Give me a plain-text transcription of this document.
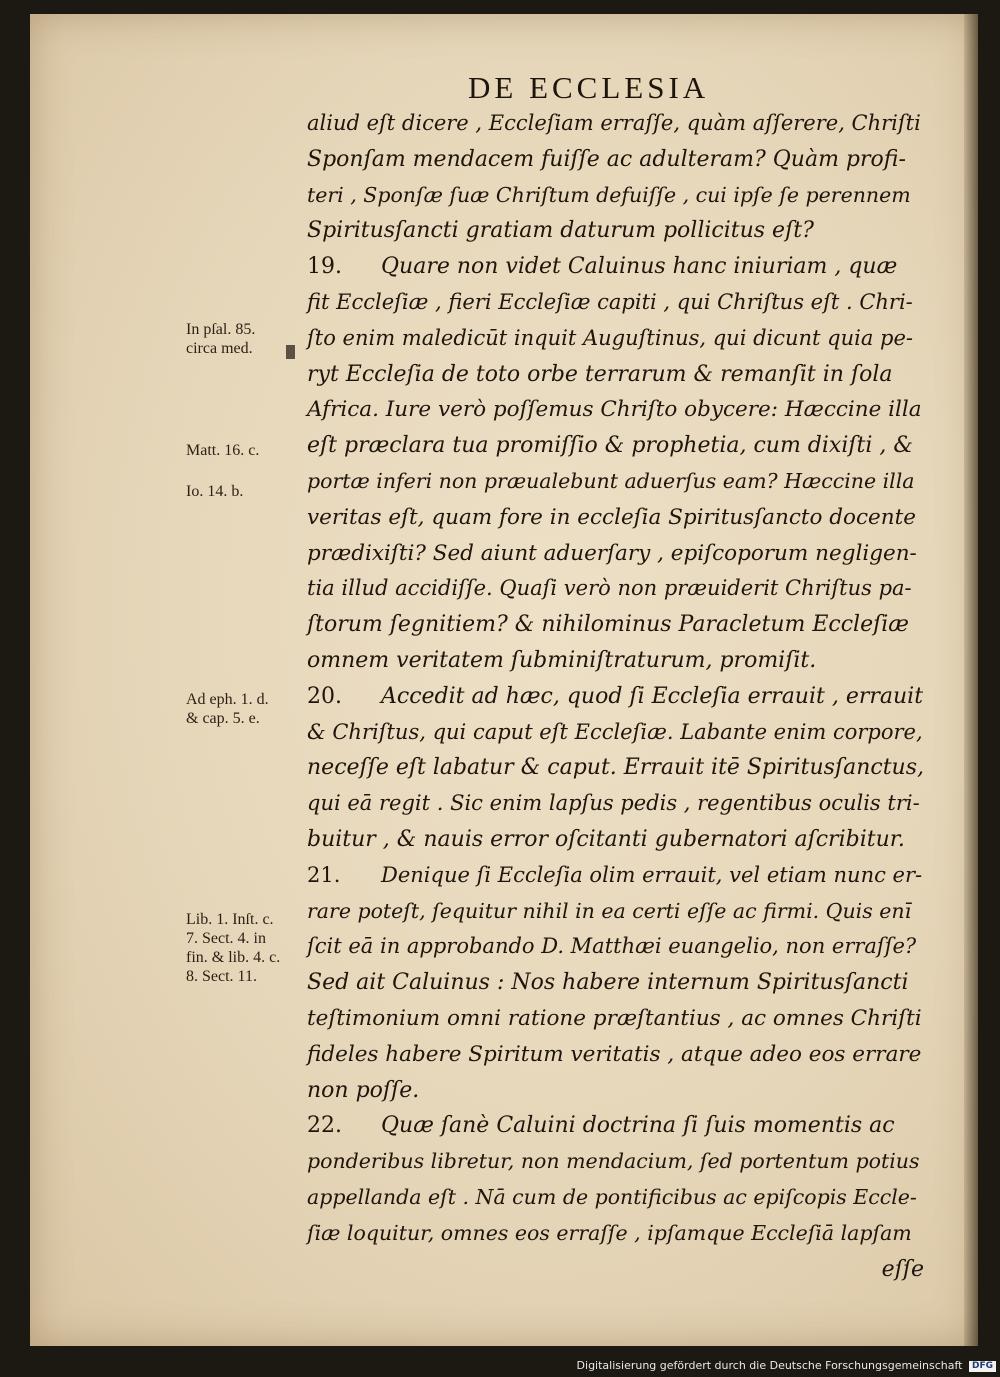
DE ECCLESIA
aliud eſt dicere , Eccleſiam erraſſe, quàm aſſerere, Chriſti
Sponſam mendacem fuiſſe ac adulteram? Quàm profi-
teri , Sponſæ ſuæ Chriſtum defuiſſe , cui ipſe ſe perennem
Spiritusſancti gratiam daturum pollicitus eſt?
19. Quare non videt Caluinus hanc iniuriam , quæ
fit Eccleſiæ , fieri Eccleſiæ capiti , qui Chriſtus eſt . Chri-
ſto enim maledicūt inquit Auguſtinus, qui dicunt quia pe-
ryt Eccleſia de toto orbe terrarum & remanſit in ſola
Africa. Iure verò poſſemus Chriſto obycere: Hæccine illa
eſt præclara tua promiſſio & prophetia, cum dixiſti , &
portæ inferi non præualebunt aduerſus eam? Hæccine illa
veritas eſt, quam fore in eccleſia Spiritusſancto docente
prædixiſti? Sed aiunt aduerſary , epiſcoporum negligen-
tia illud accidiſſe. Quaſi verò non præuiderit Chriſtus pa-
ſtorum ſegnitiem? & nihilominus Paracletum Eccleſiæ
omnem veritatem ſubminiſtraturum, promiſit.
20. Accedit ad hæc, quod ſi Eccleſia errauit , errauit
& Chriſtus, qui caput eſt Eccleſiæ. Labante enim corpore,
neceſſe eſt labatur & caput. Errauit itē Spiritusſanctus,
qui eā regit . Sic enim lapſus pedis , regentibus oculis tri-
buitur , & nauis error oſcitanti gubernatori aſcribitur.
21. Denique ſi Eccleſia olim errauit, vel etiam nunc er-
rare poteſt, ſequitur nihil in ea certi eſſe ac firmi. Quis enī
ſcit eā in approbando D. Matthæi euangelio, non erraſſe?
Sed ait Caluinus : Nos habere internum Spiritusſancti
teſtimonium omni ratione præſtantius , ac omnes Chriſti
fideles habere Spiritum veritatis , atque adeo eos errare
non poſſe.
22. Quæ ſanè Caluini doctrina ſi ſuis momentis ac
ponderibus libretur, non mendacium, ſed portentum potius
appellanda eſt . Nā cum de pontificibus ac epiſcopis Eccle-
ſiæ loquitur, omnes eos erraſſe , ipſamque Eccleſiā lapſam
eſſe
In pſal. 85.
circa med.
Matt. 16. c.
Io. 14. b.
Ad eph. 1. d.
& cap. 5. e.
Lib. 1. Inſt. c.
7. Sect. 4. in
fin. & lib. 4. c.
8. Sect. 11.
Digitalisierung gefördert durch die Deutsche Forschungsgemeinschaft DFG
